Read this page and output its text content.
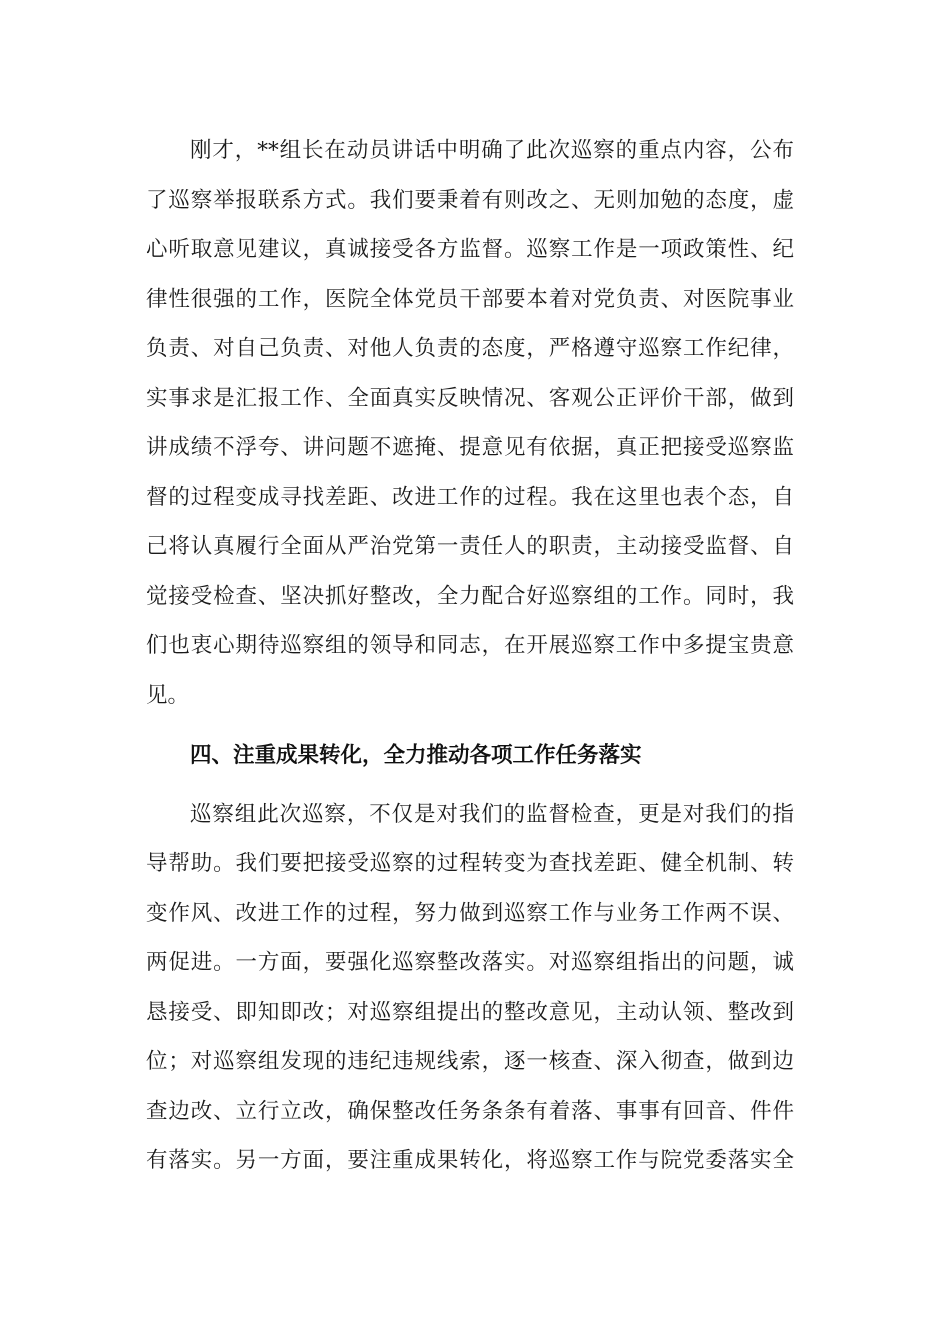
刚才，**组长在动员讲话中明确了此次巡察的重点内容，公布
了巡察举报联系方式。我们要秉着有则改之、无则加勉的态度，虚
心听取意见建议，真诚接受各方监督。巡察工作是一项政策性、纪
律性很强的工作，医院全体党员干部要本着对党负责、对医院事业
负责、对自己负责、对他人负责的态度，严格遵守巡察工作纪律，
实事求是汇报工作、全面真实反映情况、客观公正评价干部，做到
讲成绩不浮夸、讲问题不遮掩、提意见有依据，真正把接受巡察监
督的过程变成寻找差距、改进工作的过程。我在这里也表个态，自
己将认真履行全面从严治党第一责任人的职责，主动接受监督、自
觉接受检查、坚决抓好整改，全力配合好巡察组的工作。同时，我
们也衷心期待巡察组的领导和同志，在开展巡察工作中多提宝贵意
见。
四、注重成果转化，全力推动各项工作任务落实
巡察组此次巡察，不仅是对我们的监督检查，更是对我们的指
导帮助。我们要把接受巡察的过程转变为查找差距、健全机制、转
变作风、改进工作的过程，努力做到巡察工作与业务工作两不误、
两促进。一方面，要强化巡察整改落实。对巡察组指出的问题，诚
恳接受、即知即改；对巡察组提出的整改意见，主动认领、整改到
位；对巡察组发现的违纪违规线索，逐一核查、深入彻查，做到边
查边改、立行立改，确保整改任务条条有着落、事事有回音、件件
有落实。另一方面，要注重成果转化，将巡察工作与院党委落实全
